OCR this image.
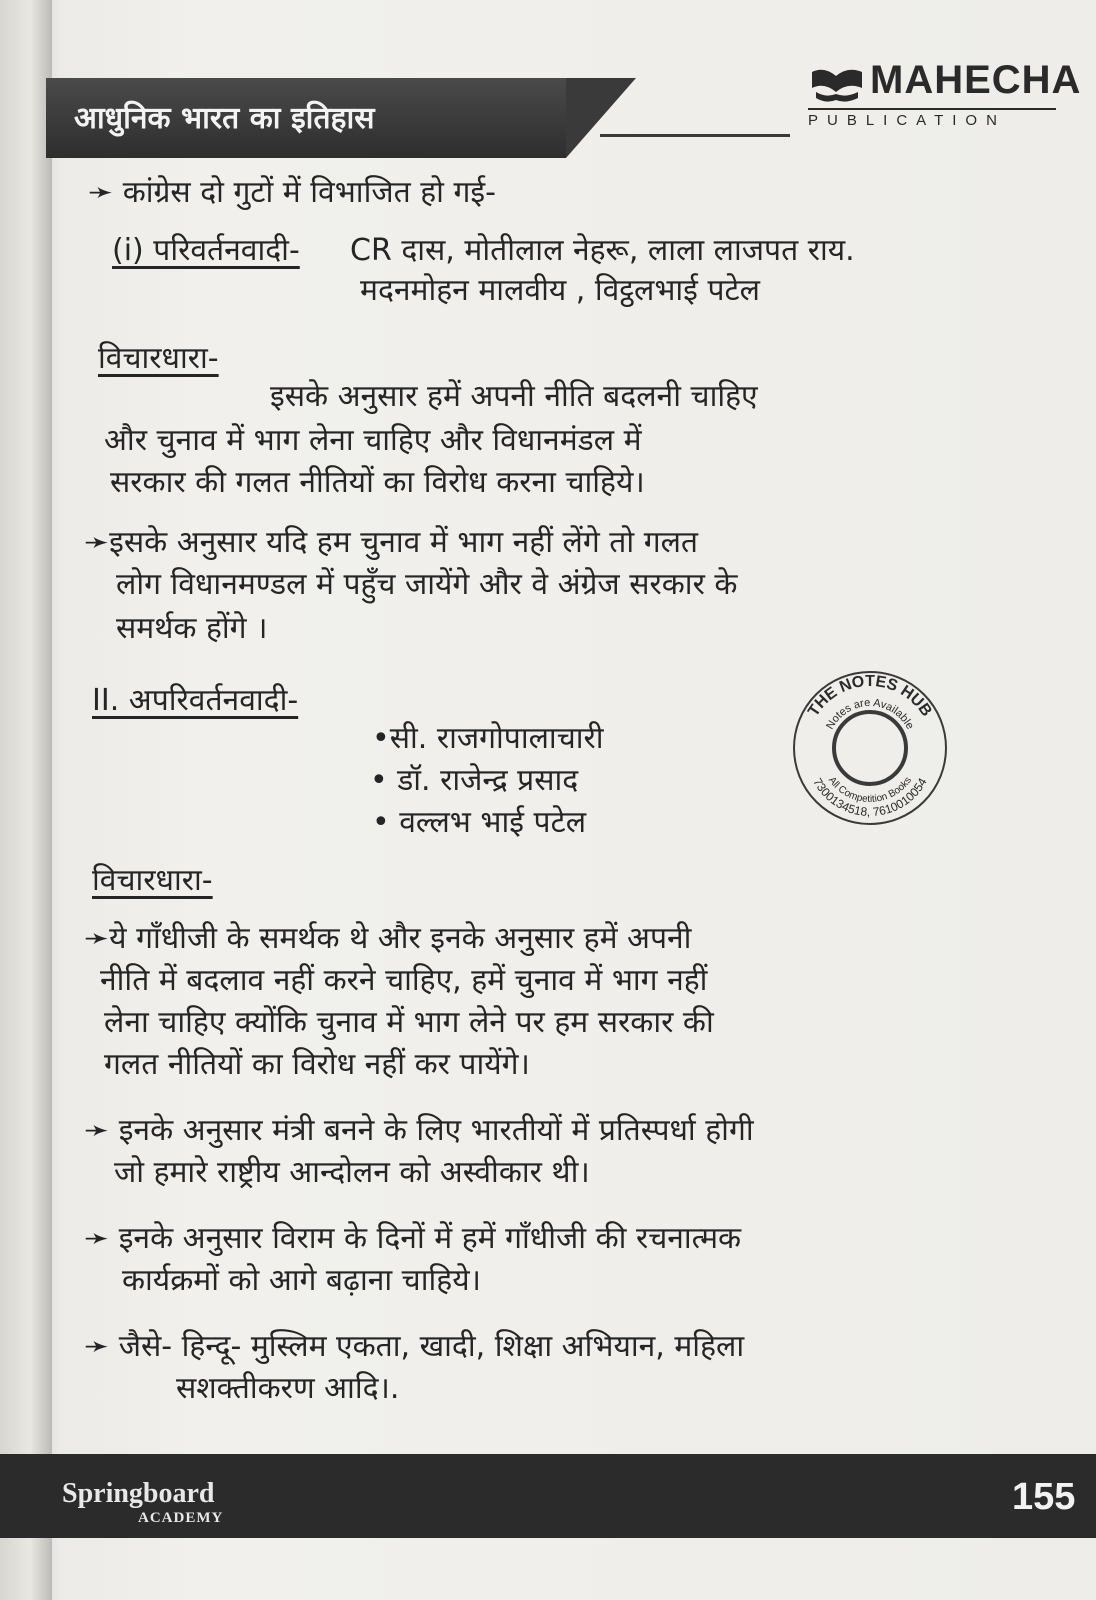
आधुनिक भारत का इतिहास
MAHECHA
PUBLICATION
➛ कांग्रेस दो गुटों में विभाजित हो गई-
(i) परिवर्तनवादी- CR दास, मोतीलाल नेहरू, लाला लाजपत राय.
मदनमोहन मालवीय , विट्ठलभाई पटेल
विचारधारा-
इसके अनुसार हमें अपनी नीति बदलनी चाहिए
और चुनाव में भाग लेना चाहिए और विधानमंडल में
सरकार की गलत नीतियों का विरोध करना चाहिये।
➛इसके अनुसार यदि हम चुनाव में भाग नहीं लेंगे तो गलत
लोग विधानमण्डल में पहुँच जायेंगे और वे अंग्रेज सरकार के
समर्थक होंगे ।
II. अपरिवर्तनवादी-
•सी. राजगोपालाचारी
• डॉ. राजेन्द्र प्रसाद
• वल्लभ भाई पटेल
THE NOTES HUB
Notes are Available
All Competition Books
7300134518, 7610010054
विचारधारा-
➛ये गाँधीजी के समर्थक थे और इनके अनुसार हमें अपनी
नीति में बदलाव नहीं करने चाहिए, हमें चुनाव में भाग नहीं
लेना चाहिए क्योंकि चुनाव में भाग लेने पर हम सरकार की
गलत नीतियों का विरोध नहीं कर पायेंगे।
➛ इनके अनुसार मंत्री बनने के लिए भारतीयों में प्रतिस्पर्धा होगी
जो हमारे राष्ट्रीय आन्दोलन को अस्वीकार थी।
➛ इनके अनुसार विराम के दिनों में हमें गाँधीजी की रचनात्मक
कार्यक्रमों को आगे बढ़ाना चाहिये।
➛ जैसे- हिन्दू- मुस्लिम एकता, खादी, शिक्षा अभियान, महिला
सशक्तीकरण आदि।.
Springboard
ACADEMY	155
